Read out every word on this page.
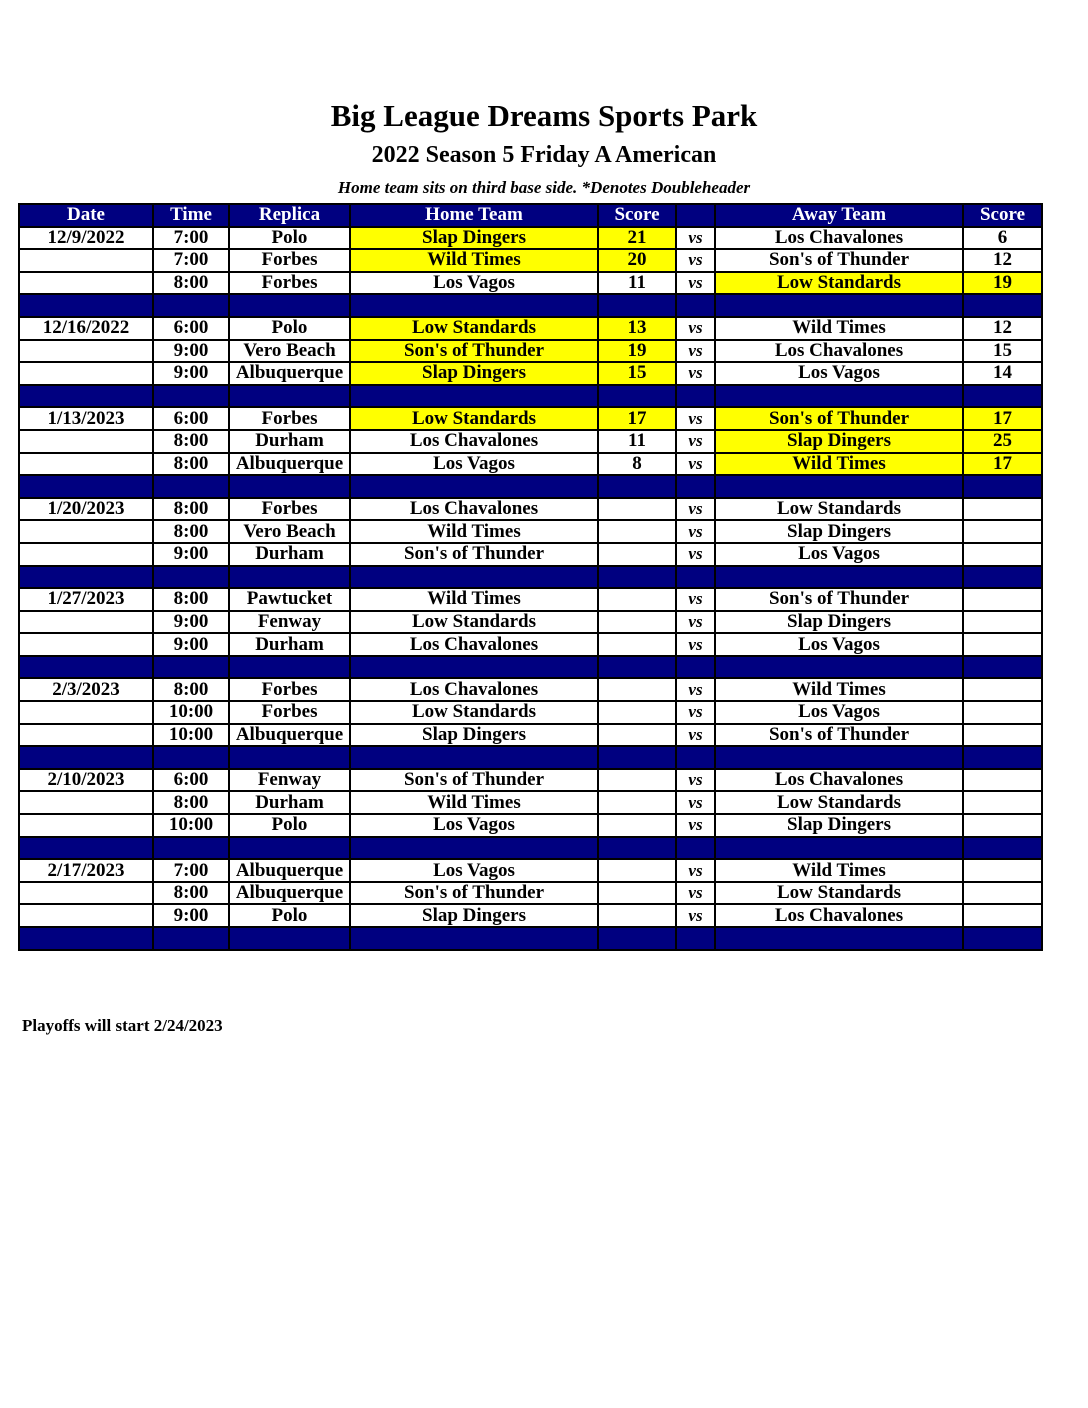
Big League Dreams Sports Park
2022 Season 5 Friday A American
Home team sits on third base side. *Denotes Doubleheader
Date	Time	Replica	Home Team	Score		Away Team	Score
12/9/2022	7:00	Polo	Slap Dingers	21	vs	Los Chavalones	6
	7:00	Forbes	Wild Times	20	vs	Son's of Thunder	12
	8:00	Forbes	Los Vagos	11	vs	Low Standards	19

12/16/2022	6:00	Polo	Low Standards	13	vs	Wild Times	12
	9:00	Vero Beach	Son's of Thunder	19	vs	Los Chavalones	15
	9:00	Albuquerque	Slap Dingers	15	vs	Los Vagos	14

1/13/2023	6:00	Forbes	Low Standards	17	vs	Son's of Thunder	17
	8:00	Durham	Los Chavalones	11	vs	Slap Dingers	25
	8:00	Albuquerque	Los Vagos	8	vs	Wild Times	17

1/20/2023	8:00	Forbes	Los Chavalones		vs	Low Standards	
	8:00	Vero Beach	Wild Times		vs	Slap Dingers	
	9:00	Durham	Son's of Thunder		vs	Los Vagos	

1/27/2023	8:00	Pawtucket	Wild Times		vs	Son's of Thunder	
	9:00	Fenway	Low Standards		vs	Slap Dingers	
	9:00	Durham	Los Chavalones		vs	Los Vagos	

2/3/2023	8:00	Forbes	Los Chavalones		vs	Wild Times	
	10:00	Forbes	Low Standards		vs	Los Vagos	
	10:00	Albuquerque	Slap Dingers		vs	Son's of Thunder	

2/10/2023	6:00	Fenway	Son's of Thunder		vs	Los Chavalones	
	8:00	Durham	Wild Times		vs	Low Standards	
	10:00	Polo	Los Vagos		vs	Slap Dingers	

2/17/2023	7:00	Albuquerque	Los Vagos		vs	Wild Times	
	8:00	Albuquerque	Son's of Thunder		vs	Low Standards	
	9:00	Polo	Slap Dingers		vs	Los Chavalones	

Playoffs will start 2/24/2023
